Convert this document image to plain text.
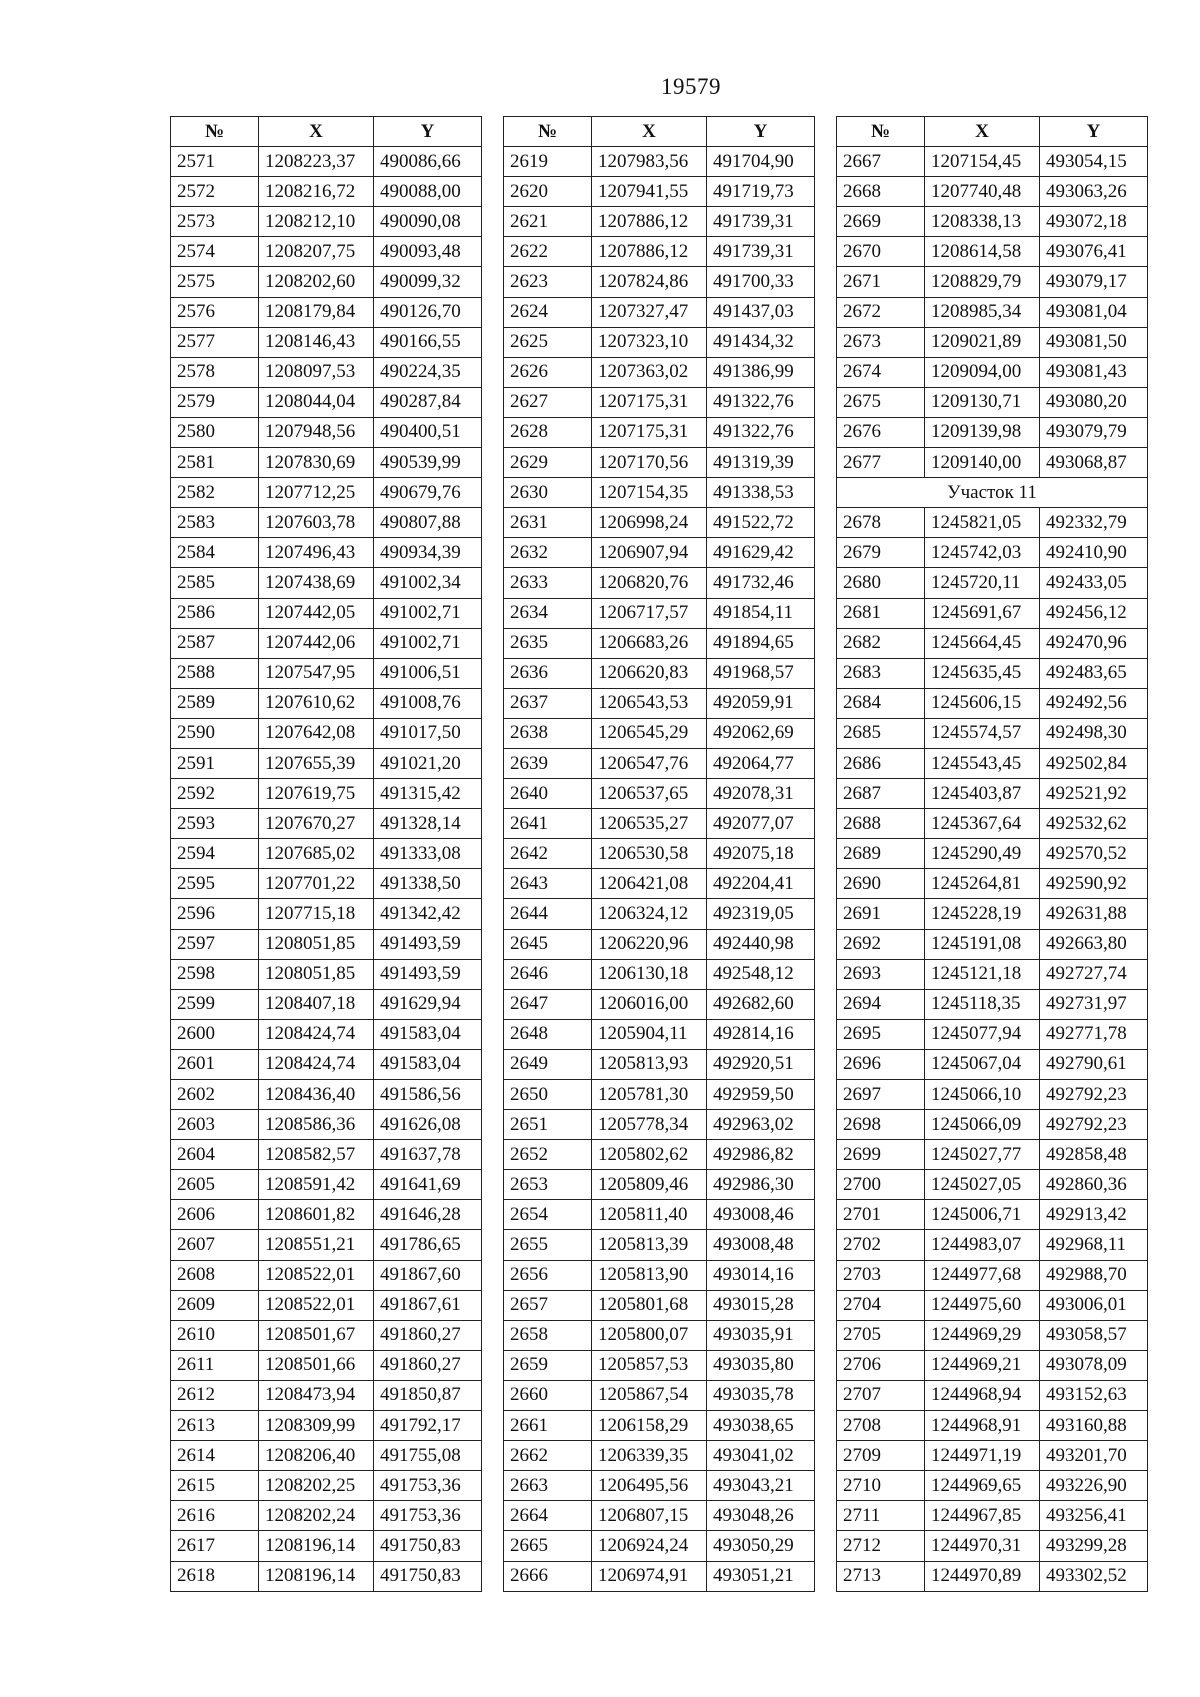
19579
№	X	Y
2571	1208223,37	490086,66
2572	1208216,72	490088,00
2573	1208212,10	490090,08
2574	1208207,75	490093,48
2575	1208202,60	490099,32
2576	1208179,84	490126,70
2577	1208146,43	490166,55
2578	1208097,53	490224,35
2579	1208044,04	490287,84
2580	1207948,56	490400,51
2581	1207830,69	490539,99
2582	1207712,25	490679,76
2583	1207603,78	490807,88
2584	1207496,43	490934,39
2585	1207438,69	491002,34
2586	1207442,05	491002,71
2587	1207442,06	491002,71
2588	1207547,95	491006,51
2589	1207610,62	491008,76
2590	1207642,08	491017,50
2591	1207655,39	491021,20
2592	1207619,75	491315,42
2593	1207670,27	491328,14
2594	1207685,02	491333,08
2595	1207701,22	491338,50
2596	1207715,18	491342,42
2597	1208051,85	491493,59
2598	1208051,85	491493,59
2599	1208407,18	491629,94
2600	1208424,74	491583,04
2601	1208424,74	491583,04
2602	1208436,40	491586,56
2603	1208586,36	491626,08
2604	1208582,57	491637,78
2605	1208591,42	491641,69
2606	1208601,82	491646,28
2607	1208551,21	491786,65
2608	1208522,01	491867,60
2609	1208522,01	491867,61
2610	1208501,67	491860,27
2611	1208501,66	491860,27
2612	1208473,94	491850,87
2613	1208309,99	491792,17
2614	1208206,40	491755,08
2615	1208202,25	491753,36
2616	1208202,24	491753,36
2617	1208196,14	491750,83
2618	1208196,14	491750,83
№	X	Y
2619	1207983,56	491704,90
2620	1207941,55	491719,73
2621	1207886,12	491739,31
2622	1207886,12	491739,31
2623	1207824,86	491700,33
2624	1207327,47	491437,03
2625	1207323,10	491434,32
2626	1207363,02	491386,99
2627	1207175,31	491322,76
2628	1207175,31	491322,76
2629	1207170,56	491319,39
2630	1207154,35	491338,53
2631	1206998,24	491522,72
2632	1206907,94	491629,42
2633	1206820,76	491732,46
2634	1206717,57	491854,11
2635	1206683,26	491894,65
2636	1206620,83	491968,57
2637	1206543,53	492059,91
2638	1206545,29	492062,69
2639	1206547,76	492064,77
2640	1206537,65	492078,31
2641	1206535,27	492077,07
2642	1206530,58	492075,18
2643	1206421,08	492204,41
2644	1206324,12	492319,05
2645	1206220,96	492440,98
2646	1206130,18	492548,12
2647	1206016,00	492682,60
2648	1205904,11	492814,16
2649	1205813,93	492920,51
2650	1205781,30	492959,50
2651	1205778,34	492963,02
2652	1205802,62	492986,82
2653	1205809,46	492986,30
2654	1205811,40	493008,46
2655	1205813,39	493008,48
2656	1205813,90	493014,16
2657	1205801,68	493015,28
2658	1205800,07	493035,91
2659	1205857,53	493035,80
2660	1205867,54	493035,78
2661	1206158,29	493038,65
2662	1206339,35	493041,02
2663	1206495,56	493043,21
2664	1206807,15	493048,26
2665	1206924,24	493050,29
2666	1206974,91	493051,21
№	X	Y
2667	1207154,45	493054,15
2668	1207740,48	493063,26
2669	1208338,13	493072,18
2670	1208614,58	493076,41
2671	1208829,79	493079,17
2672	1208985,34	493081,04
2673	1209021,89	493081,50
2674	1209094,00	493081,43
2675	1209130,71	493080,20
2676	1209139,98	493079,79
2677	1209140,00	493068,87
Участок 11		
2678	1245821,05	492332,79
2679	1245742,03	492410,90
2680	1245720,11	492433,05
2681	1245691,67	492456,12
2682	1245664,45	492470,96
2683	1245635,45	492483,65
2684	1245606,15	492492,56
2685	1245574,57	492498,30
2686	1245543,45	492502,84
2687	1245403,87	492521,92
2688	1245367,64	492532,62
2689	1245290,49	492570,52
2690	1245264,81	492590,92
2691	1245228,19	492631,88
2692	1245191,08	492663,80
2693	1245121,18	492727,74
2694	1245118,35	492731,97
2695	1245077,94	492771,78
2696	1245067,04	492790,61
2697	1245066,10	492792,23
2698	1245066,09	492792,23
2699	1245027,77	492858,48
2700	1245027,05	492860,36
2701	1245006,71	492913,42
2702	1244983,07	492968,11
2703	1244977,68	492988,70
2704	1244975,60	493006,01
2705	1244969,29	493058,57
2706	1244969,21	493078,09
2707	1244968,94	493152,63
2708	1244968,91	493160,88
2709	1244971,19	493201,70
2710	1244969,65	493226,90
2711	1244967,85	493256,41
2712	1244970,31	493299,28
2713	1244970,89	493302,52
